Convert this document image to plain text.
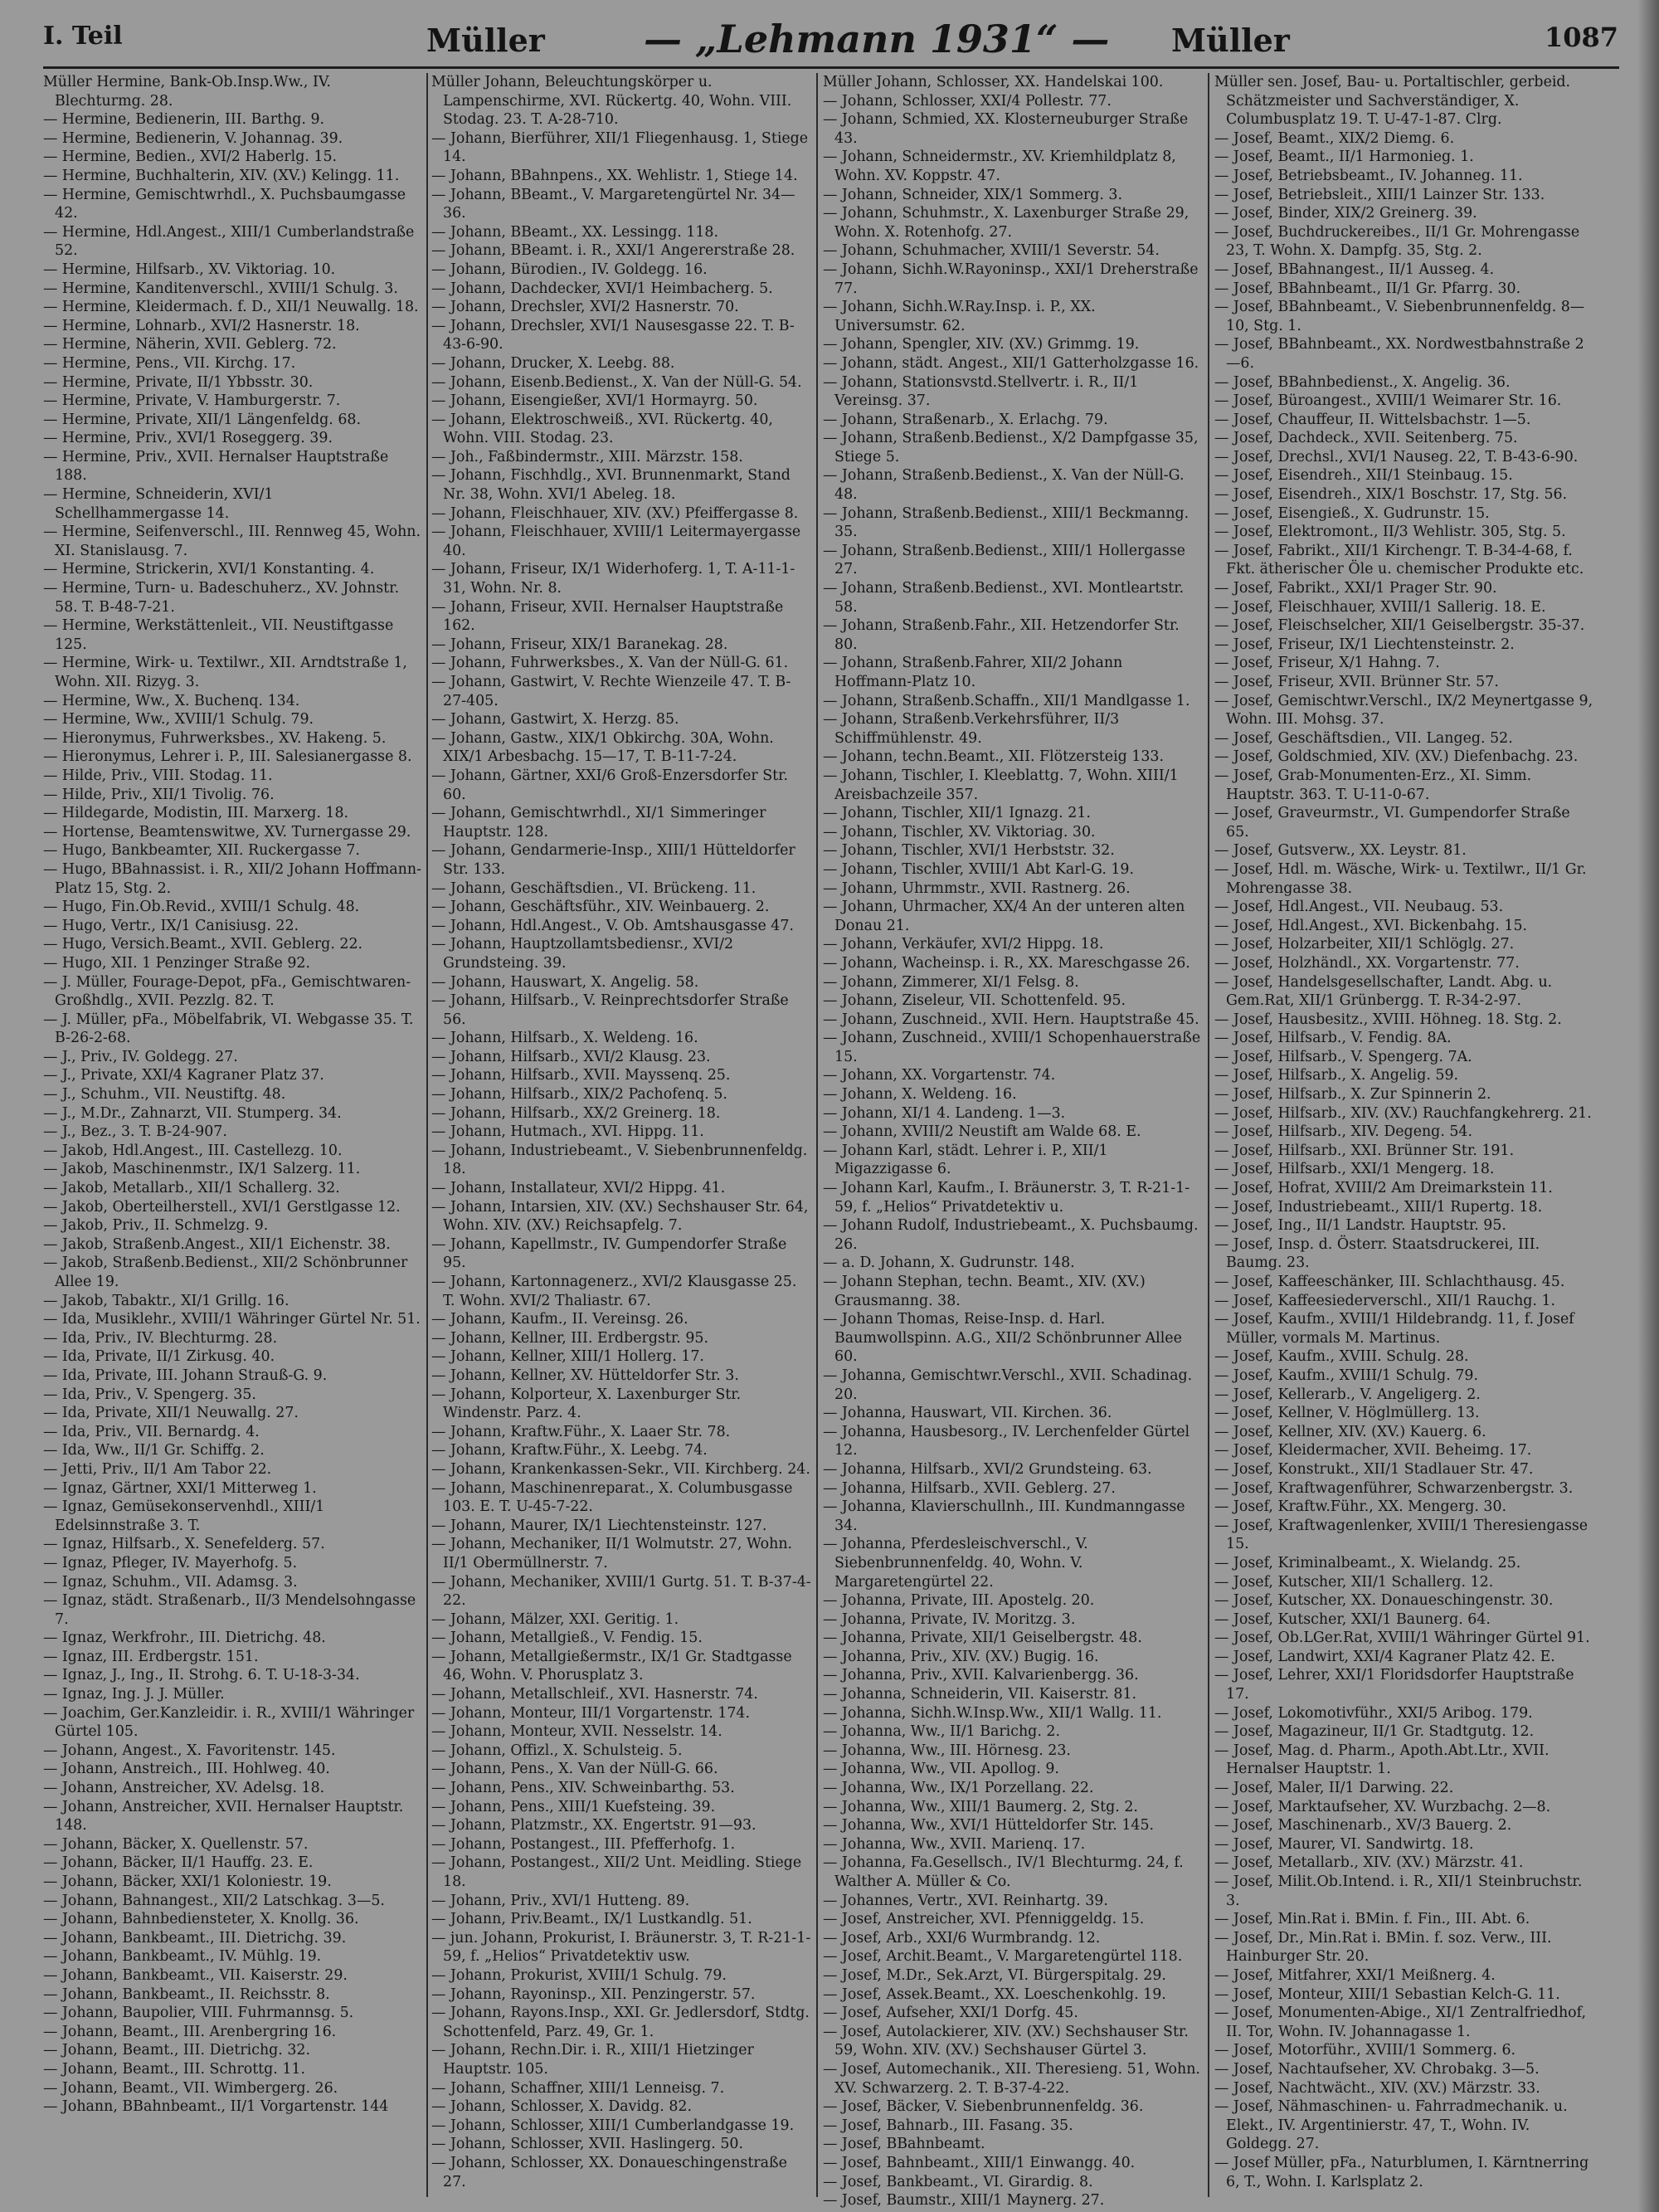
I. Teil	Müller	— „Lehmann 1931“ — Müller	1087

Müller Hermine, Bank-Ob.Insp.Ww., IV. Blechturmg. 28.

— Hermine, Bedienerin, III. Barthg. 9.

— Hermine, Bedienerin, V. Johannag. 39.

— Hermine, Bedien., XVI/2 Haberlg. 15.

— Hermine, Buchhalterin, XIV. (XV.) Kelingg. 11.

— Hermine, Gemischtwrhdl., X. Puchsbaumgasse 42.

— Hermine, Hdl.Angest., XIII/1 Cumberlandstraße 52.

— Hermine, Hilfsarb., XV. Viktoriag. 10.

— Hermine, Kanditenverschl., XVIII/1 Schulg. 3.

— Hermine, Kleidermach. f. D., XII/1 Neuwallg. 18.

— Hermine, Lohnarb., XVI/2 Hasnerstr. 18.

— Hermine, Näherin, XVII. Geblerg. 72.

— Hermine, Pens., VII. Kirchg. 17.

— Hermine, Private, II/1 Ybbsstr. 30.

— Hermine, Private, V. Hamburgerstr. 7.

— Hermine, Private, XII/1 Längenfeldg. 68.

— Hermine, Priv., XVI/1 Roseggerg. 39.

— Hermine, Priv., XVII. Hernalser Hauptstraße 188.

— Hermine, Schneiderin, XVI/1 Schellhammergasse 14.

— Hermine, Seifenverschl., III. Rennweg 45, Wohn. XI. Stanislausg. 7.

— Hermine, Strickerin, XVI/1 Konstanting. 4.

— Hermine, Turn- u. Badeschuherz., XV. Johnstr. 58. T. B-48-7-21.

— Hermine, Werkstättenleit., VII. Neustiftgasse 125.

— Hermine, Wirk- u. Textilwr., XII. Arndtstraße 1, Wohn. XII. Rizyg. 3.

— Hermine, Ww., X. Buchenq. 134.

— Hermine, Ww., XVIII/1 Schulg. 79.

— Hieronymus, Fuhrwerksbes., XV. Hakeng. 5.

— Hieronymus, Lehrer i. P., III. Salesianergasse 8.

— Hilde, Priv., VIII. Stodag. 11.

— Hilde, Priv., XII/1 Tivolig. 76.

— Hildegarde, Modistin, III. Marxerg. 18.

— Hortense, Beamtenswitwe, XV. Turnergasse 29.

— Hugo, Bankbeamter, XII. Ruckergasse 7.

— Hugo, BBahnassist. i. R., XII/2 Johann Hoffmann-Platz 15, Stg. 2.

— Hugo, Fin.Ob.Revid., XVIII/1 Schulg. 48.

— Hugo, Vertr., IX/1 Canisiusg. 22.

— Hugo, Versich.Beamt., XVII. Geblerg. 22.

— Hugo, XII. 1 Penzinger Straße 92.

— J. Müller, Fourage-Depot, pFa., Gemischtwaren-Großhdlg., XVII. Pezzlg. 82. T.

— J. Müller, pFa., Möbelfabrik, VI. Webgasse 35. T. B-26-2-68.

— J., Priv., IV. Goldegg. 27.

— J., Private, XXI/4 Kagraner Platz 37.

— J., Schuhm., VII. Neustiftg. 48.

— J., M.Dr., Zahnarzt, VII. Stumperg. 34.

— J., Bez., 3. T. B-24-907.

— Jakob, Hdl.Angest., III. Castellezg. 10.

— Jakob, Maschinenmstr., IX/1 Salzerg. 11.

— Jakob, Metallarb., XII/1 Schallerg. 32.

— Jakob, Oberteilherstell., XVI/1 Gerstlgasse 12.

— Jakob, Priv., II. Schmelzg. 9.

— Jakob, Straßenb.Angest., XII/1 Eichenstr. 38.

— Jakob, Straßenb.Bedienst., XII/2 Schönbrunner Allee 19.

— Jakob, Tabaktr., XI/1 Grillg. 16.

— Ida, Musiklehr., XVIII/1 Währinger Gürtel Nr. 51.

— Ida, Priv., IV. Blechturmg. 28.

— Ida, Private, II/1 Zirkusg. 40.

— Ida, Private, III. Johann Strauß-G. 9.

— Ida, Priv., V. Spengerg. 35.

— Ida, Private, XII/1 Neuwallg. 27.

— Ida, Priv., VII. Bernardg. 4.

— Ida, Ww., II/1 Gr. Schiffg. 2.

— Jetti, Priv., II/1 Am Tabor 22.

— Ignaz, Gärtner, XXI/1 Mitterweg 1.

— Ignaz, Gemüsekonservenhdl., XIII/1 Edelsinnstraße 3. T.

— Ignaz, Hilfsarb., X. Senefelderg. 57.

— Ignaz, Pfleger, IV. Mayerhofg. 5.

— Ignaz, Schuhm., VII. Adamsg. 3.

— Ignaz, städt. Straßenarb., II/3 Mendelsohngasse 7.

— Ignaz, Werkfrohr., III. Dietrichg. 48.

— Ignaz, III. Erdbergstr. 151.

— Ignaz, J., Ing., II. Strohg. 6. T. U-18-3-34.

— Ignaz, Ing. J. J. Müller.

— Joachim, Ger.Kanzleidir. i. R., XVIII/1 Währinger Gürtel 105.

— Johann, Angest., X. Favoritenstr. 145.

— Johann, Anstreich., III. Hohlweg. 40.

— Johann, Anstreicher, XV. Adelsg. 18.

— Johann, Anstreicher, XVII. Hernalser Hauptstr. 148.

— Johann, Bäcker, X. Quellenstr. 57.

— Johann, Bäcker, II/1 Hauffg. 23. E.

— Johann, Bäcker, XXI/1 Koloniestr. 19.

— Johann, Bahnangest., XII/2 Latschkag. 3—5.

— Johann, Bahnbediensteter, X. Knollg. 36.

— Johann, Bankbeamt., III. Dietrichg. 39.

— Johann, Bankbeamt., IV. Mühlg. 19.

— Johann, Bankbeamt., VII. Kaiserstr. 29.

— Johann, Bankbeamt., II. Reichsstr. 8.

— Johann, Baupolier, VIII. Fuhrmannsg. 5.

— Johann, Beamt., III. Arenbergring 16.

— Johann, Beamt., III. Dietrichg. 32.

— Johann, Beamt., III. Schrottg. 11.

— Johann, Beamt., VII. Wimbergerg. 26.

— Johann, BBahnbeamt., II/1 Vorgartenstr. 144

Müller Johann, Beleuchtungskörper u. Lampenschirme, XVI. Rückertg. 40, Wohn. VIII. Stodag. 23. T. A-28-710.

— Johann, Bierführer, XII/1 Fliegenhausg. 1, Stiege 14.

— Johann, BBahnpens., XX. Wehlistr. 1, Stiege 14.

— Johann, BBeamt., V. Margaretengürtel Nr. 34—36.

— Johann, BBeamt., XX. Lessingg. 118.

— Johann, BBeamt. i. R., XXI/1 Angererstraße 28.

— Johann, Bürodien., IV. Goldegg. 16.

— Johann, Dachdecker, XVI/1 Heimbacherg. 5.

— Johann, Drechsler, XVI/2 Hasnerstr. 70.

— Johann, Drechsler, XVI/1 Nausesgasse 22. T. B-43-6-90.

— Johann, Drucker, X. Leebg. 88.

— Johann, Eisenb.Bedienst., X. Van der Nüll-G. 54.

— Johann, Eisengießer, XVI/1 Hormayrg. 50.

— Johann, Elektroschweiß., XVI. Rückertg. 40, Wohn. VIII. Stodag. 23.

— Joh., Faßbindermstr., XIII. Märzstr. 158.

— Johann, Fischhdlg., XVI. Brunnenmarkt, Stand Nr. 38, Wohn. XVI/1 Abeleg. 18.

— Johann, Fleischhauer, XIV. (XV.) Pfeiffergasse 8.

— Johann, Fleischhauer, XVIII/1 Leitermayergasse 40.

— Johann, Friseur, IX/1 Widerhoferg. 1, T. A-11-1-31, Wohn. Nr. 8.

— Johann, Friseur, XVII. Hernalser Hauptstraße 162.

— Johann, Friseur, XIX/1 Baranekag. 28.

— Johann, Fuhrwerksbes., X. Van der Nüll-G. 61.

— Johann, Gastwirt, V. Rechte Wienzeile 47. T. B-27-405.

— Johann, Gastwirt, X. Herzg. 85.

— Johann, Gastw., XIX/1 Obkirchg. 30A, Wohn. XIX/1 Arbesbachg. 15—17, T. B-11-7-24.

— Johann, Gärtner, XXI/6 Groß-Enzersdorfer Str. 60.

— Johann, Gemischtwrhdl., XI/1 Simmeringer Hauptstr. 128.

— Johann, Gendarmerie-Insp., XIII/1 Hütteldorfer Str. 133.

— Johann, Geschäftsdien., VI. Brückeng. 11.

— Johann, Geschäftsführ., XIV. Weinbauerg. 2.

— Johann, Hdl.Angest., V. Ob. Amtshausgasse 47.

— Johann, Hauptzollamtsbediensr., XVI/2 Grundsteing. 39.

— Johann, Hauswart, X. Angelig. 58.

— Johann, Hilfsarb., V. Reinprechtsdorfer Straße 56.

— Johann, Hilfsarb., X. Weldeng. 16.

— Johann, Hilfsarb., XVI/2 Klausg. 23.

— Johann, Hilfsarb., XVII. Mayssenq. 25.

— Johann, Hilfsarb., XIX/2 Pachofenq. 5.

— Johann, Hilfsarb., XX/2 Greinerg. 18.

— Johann, Hutmach., XVI. Hippg. 11.

— Johann, Industriebeamt., V. Siebenbrunnenfeldg. 18.

— Johann, Installateur, XVI/2 Hippg. 41.

— Johann, Intarsien, XIV. (XV.) Sechshauser Str. 64, Wohn. XIV. (XV.) Reichsapfelg. 7.

— Johann, Kapellmstr., IV. Gumpendorfer Straße 95.

— Johann, Kartonnagenerz., XVI/2 Klausgasse 25. T. Wohn. XVI/2 Thaliastr. 67.

— Johann, Kaufm., II. Vereinsg. 26.

— Johann, Kellner, III. Erdbergstr. 95.

— Johann, Kellner, XIII/1 Hollerg. 17.

— Johann, Kellner, XV. Hütteldorfer Str. 3.

— Johann, Kolporteur, X. Laxenburger Str. Windenstr. Parz. 4.

— Johann, Kraftw.Führ., X. Laaer Str. 78.

— Johann, Kraftw.Führ., X. Leebg. 74.

— Johann, Krankenkassen-Sekr., VII. Kirchberg. 24.

— Johann, Maschinenreparat., X. Columbusgasse 103. E. T. U-45-7-22.

— Johann, Maurer, IX/1 Liechtensteinstr. 127.

— Johann, Mechaniker, II/1 Wolmutstr. 27, Wohn. II/1 Obermüllnerstr. 7.

— Johann, Mechaniker, XVIII/1 Gurtg. 51. T. B-37-4-22.

— Johann, Mälzer, XXI. Geritig. 1.

— Johann, Metallgieß., V. Fendig. 15.

— Johann, Metallgießermstr., IX/1 Gr. Stadtgasse 46, Wohn. V. Phorusplatz 3.

— Johann, Metallschleif., XVI. Hasnerstr. 74.

— Johann, Monteur, III/1 Vorgartenstr. 174.

— Johann, Monteur, XVII. Nesselstr. 14.

— Johann, Offizl., X. Schulsteig. 5.

— Johann, Pens., X. Van der Nüll-G. 66.

— Johann, Pens., XIV. Schweinbarthg. 53.

— Johann, Pens., XIII/1 Kuefsteing. 39.

— Johann, Platzmstr., XX. Engertstr. 91—93.

— Johann, Postangest., III. Pfefferhofg. 1.

— Johann, Postangest., XII/2 Unt. Meidling. Stiege 18.

— Johann, Priv., XVI/1 Hutteng. 89.

— Johann, Priv.Beamt., IX/1 Lustkandlg. 51.

— jun. Johann, Prokurist, I. Bräunerstr. 3, T. R-21-1-59, f. „Helios“ Privatdetektiv usw.

— Johann, Prokurist, XVIII/1 Schulg. 79.

— Johann, Rayoninsp., XII. Penzingerstr. 57.

— Johann, Rayons.Insp., XXI. Gr. Jedlersdorf, Stdtg. Schottenfeld, Parz. 49, Gr. 1.

— Johann, Rechn.Dir. i. R., XIII/1 Hietzinger Hauptstr. 105.

— Johann, Schaffner, XIII/1 Lenneisg. 7.

— Johann, Schlosser, X. Davidg. 82.

— Johann, Schlosser, XIII/1 Cumberlandgasse 19.

— Johann, Schlosser, XVII. Haslingerg. 50.

— Johann, Schlosser, XX. Donaueschingenstraße 27.

Müller Johann, Schlosser, XX. Handelskai 100.

— Johann, Schlosser, XXI/4 Pollestr. 77.

— Johann, Schmied, XX. Klosterneuburger Straße 43.

— Johann, Schneidermstr., XV. Kriemhildplatz 8, Wohn. XV. Koppstr. 47.

— Johann, Schneider, XIX/1 Sommerg. 3.

— Johann, Schuhmstr., X. Laxenburger Straße 29, Wohn. X. Rotenhofg. 27.

— Johann, Schuhmacher, XVIII/1 Severstr. 54.

— Johann, Sichh.W.Rayoninsp., XXI/1 Dreherstraße 77.

— Johann, Sichh.W.Ray.Insp. i. P., XX. Universumstr. 62.

— Johann, Spengler, XIV. (XV.) Grimmg. 19.

— Johann, städt. Angest., XII/1 Gatterholzgasse 16.

— Johann, Stationsvstd.Stellvertr. i. R., II/1 Vereinsg. 37.

— Johann, Straßenarb., X. Erlachg. 79.

— Johann, Straßenb.Bedienst., X/2 Dampfgasse 35, Stiege 5.

— Johann, Straßenb.Bedienst., X. Van der Nüll-G. 48.

— Johann, Straßenb.Bedienst., XIII/1 Beckmanng. 35.

— Johann, Straßenb.Bedienst., XIII/1 Hollergasse 27.

— Johann, Straßenb.Bedienst., XVI. Montleartstr. 58.

— Johann, Straßenb.Fahr., XII. Hetzendorfer Str. 80.

— Johann, Straßenb.Fahrer, XII/2 Johann Hoffmann-Platz 10.

— Johann, Straßenb.Schaffn., XII/1 Mandlgasse 1.

— Johann, Straßenb.Verkehrsführer, II/3 Schiffmühlenstr. 49.

— Johann, techn.Beamt., XII. Flötzersteig 133.

— Johann, Tischler, I. Kleeblattg. 7, Wohn. XIII/1 Areisbachzeile 357.

— Johann, Tischler, XII/1 Ignazg. 21.

— Johann, Tischler, XV. Viktoriag. 30.

— Johann, Tischler, XVI/1 Herbststr. 32.

— Johann, Tischler, XVIII/1 Abt Karl-G. 19.

— Johann, Uhrmmstr., XVII. Rastnerg. 26.

— Johann, Uhrmacher, XX/4 An der unteren alten Donau 21.

— Johann, Verkäufer, XVI/2 Hippg. 18.

— Johann, Wacheinsp. i. R., XX. Mareschgasse 26.

— Johann, Zimmerer, XI/1 Felsg. 8.

— Johann, Ziseleur, VII. Schottenfeld. 95.

— Johann, Zuschneid., XVII. Hern. Hauptstraße 45.

— Johann, Zuschneid., XVIII/1 Schopenhauerstraße 15.

— Johann, XX. Vorgartenstr. 74.

— Johann, X. Weldeng. 16.

— Johann, XI/1 4. Landeng. 1—3.

— Johann, XVIII/2 Neustift am Walde 68. E.

— Johann Karl, städt. Lehrer i. P., XII/1 Migazzigasse 6.

— Johann Karl, Kaufm., I. Bräunerstr. 3, T. R-21-1-59, f. „Helios“ Privatdetektiv u.

— Johann Rudolf, Industriebeamt., X. Puchsbaumg. 26.

— a. D. Johann, X. Gudrunstr. 148.

— Johann Stephan, techn. Beamt., XIV. (XV.) Grausmanng. 38.

— Johann Thomas, Reise-Insp. d. Harl. Baumwollspinn. A.G., XII/2 Schönbrunner Allee 60.

— Johanna, Gemischtwr.Verschl., XVII. Schadinag. 20.

— Johanna, Hauswart, VII. Kirchen. 36.

— Johanna, Hausbesorg., IV. Lerchenfelder Gürtel 12.

— Johanna, Hilfsarb., XVI/2 Grundsteing. 63.

— Johanna, Hilfsarb., XVII. Geblerg. 27.

— Johanna, Klavierschullnh., III. Kundmanngasse 34.

— Johanna, Pferdesleischverschl., V. Siebenbrunnenfeldg. 40, Wohn. V. Margaretengürtel 22.

— Johanna, Private, III. Apostelg. 20.

— Johanna, Private, IV. Moritzg. 3.

— Johanna, Private, XII/1 Geiselbergstr. 48.

— Johanna, Priv., XIV. (XV.) Bugig. 16.

— Johanna, Priv., XVII. Kalvarienbergg. 36.

— Johanna, Schneiderin, VII. Kaiserstr. 81.

— Johanna, Sichh.W.Insp.Ww., XII/1 Wallg. 11.

— Johanna, Ww., II/1 Barichg. 2.

— Johanna, Ww., III. Hörnesg. 23.

— Johanna, Ww., VII. Apollog. 9.

— Johanna, Ww., IX/1 Porzellang. 22.

— Johanna, Ww., XIII/1 Baumerg. 2, Stg. 2.

— Johanna, Ww., XVI/1 Hütteldorfer Str. 145.

— Johanna, Ww., XVII. Marienq. 17.

— Johanna, Fa.Gesellsch., IV/1 Blechturmg. 24, f. Walther A. Müller & Co.

— Johannes, Vertr., XVI. Reinhartg. 39.

— Josef, Anstreicher, XVI. Pfenniggeldg. 15.

— Josef, Arb., XXI/6 Wurmbrandg. 12.

— Josef, Archit.Beamt., V. Margaretengürtel 118.

— Josef, M.Dr., Sek.Arzt, VI. Bürgerspitalg. 29.

— Josef, Assek.Beamt., XX. Loeschenkohlg. 19.

— Josef, Aufseher, XXI/1 Dorfg. 45.

— Josef, Autolackierer, XIV. (XV.) Sechshauser Str. 59, Wohn. XIV. (XV.) Sechshauser Gürtel 3.

— Josef, Automechanik., XII. Theresieng. 51, Wohn. XV. Schwarzerg. 2. T. B-37-4-22.

— Josef, Bäcker, V. Siebenbrunnenfeldg. 36.

— Josef, Bahnarb., III. Fasang. 35.

— Josef, BBahnbeamt.

— Josef, Bahnbeamt., XIII/1 Einwangg. 40.

— Josef, Bankbeamt., VI. Girardig. 8.

— Josef, Baumstr., XIII/1 Maynerg. 27.

Müller sen. Josef, Bau- u. Portaltischler, gerbeid. Schätzmeister und Sachverständiger, X. Columbusplatz 19. T. U-47-1-87. Clrg.

— Josef, Beamt., XIX/2 Diemg. 6.

— Josef, Beamt., II/1 Harmonieg. 1.

— Josef, Betriebsbeamt., IV. Johanneg. 11.

— Josef, Betriebsleit., XIII/1 Lainzer Str. 133.

— Josef, Binder, XIX/2 Greinerg. 39.

— Josef, Buchdruckereibes., II/1 Gr. Mohrengasse 23, T. Wohn. X. Dampfg. 35, Stg. 2.

— Josef, BBahnangest., II/1 Ausseg. 4.

— Josef, BBahnbeamt., II/1 Gr. Pfarrg. 30.

— Josef, BBahnbeamt., V. Siebenbrunnenfeldg. 8—10, Stg. 1.

— Josef, BBahnbeamt., XX. Nordwestbahnstraße 2—6.

— Josef, BBahnbedienst., X. Angelig. 36.

— Josef, Büroangest., XVIII/1 Weimarer Str. 16.

— Josef, Chauffeur, II. Wittelsbachstr. 1—5.

— Josef, Dachdeck., XVII. Seitenberg. 75.

— Josef, Drechsl., XVI/1 Nauseg. 22, T. B-43-6-90.

— Josef, Eisendreh., XII/1 Steinbaug. 15.

— Josef, Eisendreh., XIX/1 Boschstr. 17, Stg. 56.

— Josef, Eisengieß., X. Gudrunstr. 15.

— Josef, Elektromont., II/3 Wehlistr. 305, Stg. 5.

— Josef, Fabrikt., XII/1 Kirchengr. T. B-34-4-68, f. Fkt. ätherischer Öle u. chemischer Produkte etc.

— Josef, Fabrikt., XXI/1 Prager Str. 90.

— Josef, Fleischhauer, XVIII/1 Sallerig. 18. E.

— Josef, Fleischselcher, XII/1 Geiselbergstr. 35-37.

— Josef, Friseur, IX/1 Liechtensteinstr. 2.

— Josef, Friseur, X/1 Hahng. 7.

— Josef, Friseur, XVII. Brünner Str. 57.

— Josef, Gemischtwr.Verschl., IX/2 Meynertgasse 9, Wohn. III. Mohsg. 37.

— Josef, Geschäftsdien., VII. Langeg. 52.

— Josef, Goldschmied, XIV. (XV.) Diefenbachg. 23.

— Josef, Grab-Monumenten-Erz., XI. Simm. Hauptstr. 363. T. U-11-0-67.

— Josef, Graveurmstr., VI. Gumpendorfer Straße 65.

— Josef, Gutsverw., XX. Leystr. 81.

— Josef, Hdl. m. Wäsche, Wirk- u. Textilwr., II/1 Gr. Mohrengasse 38.

— Josef, Hdl.Angest., VII. Neubaug. 53.

— Josef, Hdl.Angest., XVI. Bickenbahg. 15.

— Josef, Holzarbeiter, XII/1 Schlöglg. 27.

— Josef, Holzhändl., XX. Vorgartenstr. 77.

— Josef, Handelsgesellschafter, Landt. Abg. u. Gem.Rat, XII/1 Grünbergg. T. R-34-2-97.

— Josef, Hausbesitz., XVIII. Höhneg. 18. Stg. 2.

— Josef, Hilfsarb., V. Fendig. 8A.

— Josef, Hilfsarb., V. Spengerg. 7A.

— Josef, Hilfsarb., X. Angelig. 59.

— Josef, Hilfsarb., X. Zur Spinnerin 2.

— Josef, Hilfsarb., XIV. (XV.) Rauchfangkehrerg. 21.

— Josef, Hilfsarb., XIV. Degeng. 54.

— Josef, Hilfsarb., XXI. Brünner Str. 191.

— Josef, Hilfsarb., XXI/1 Mengerg. 18.

— Josef, Hofrat, XVIII/2 Am Dreimarkstein 11.

— Josef, Industriebeamt., XIII/1 Rupertg. 18.

— Josef, Ing., II/1 Landstr. Hauptstr. 95.

— Josef, Insp. d. Österr. Staatsdruckerei, III. Baumg. 23.

— Josef, Kaffeeschänker, III. Schlachthausg. 45.

— Josef, Kaffeesiederverschl., XII/1 Rauchg. 1.

— Josef, Kaufm., XVIII/1 Hildebrandg. 11, f. Josef Müller, vormals M. Martinus.

— Josef, Kaufm., XVIII. Schulg. 28.

— Josef, Kaufm., XVIII/1 Schulg. 79.

— Josef, Kellerarb., V. Angeligerg. 2.

— Josef, Kellner, V. Höglmüllerg. 13.

— Josef, Kellner, XIV. (XV.) Kauerg. 6.

— Josef, Kleidermacher, XVII. Beheimg. 17.

— Josef, Konstrukt., XII/1 Stadlauer Str. 47.

— Josef, Kraftwagenführer, Schwarzenbergstr. 3.

— Josef, Kraftw.Führ., XX. Mengerg. 30.

— Josef, Kraftwagenlenker, XVIII/1 Theresiengasse 15.

— Josef, Kriminalbeamt., X. Wielandg. 25.

— Josef, Kutscher, XII/1 Schallerg. 12.

— Josef, Kutscher, XX. Donaueschingenstr. 30.

— Josef, Kutscher, XXI/1 Baunerg. 64.

— Josef, Ob.LGer.Rat, XVIII/1 Währinger Gürtel 91.

— Josef, Landwirt, XXI/4 Kagraner Platz 42. E.

— Josef, Lehrer, XXI/1 Floridsdorfer Hauptstraße 17.

— Josef, Lokomotivführ., XXI/5 Aribog. 179.

— Josef, Magazineur, II/1 Gr. Stadtgutg. 12.

— Josef, Mag. d. Pharm., Apoth.Abt.Ltr., XVII. Hernalser Hauptstr. 1.

— Josef, Maler, II/1 Darwing. 22.

— Josef, Marktaufseher, XV. Wurzbachg. 2—8.

— Josef, Maschinenarb., XV/3 Bauerg. 2.

— Josef, Maurer, VI. Sandwirtg. 18.

— Josef, Metallarb., XIV. (XV.) Märzstr. 41.

— Josef, Milit.Ob.Intend. i. R., XII/1 Steinbruchstr. 3.

— Josef, Min.Rat i. BMin. f. Fin., III. Abt. 6.

— Josef, Dr., Min.Rat i. BMin. f. soz. Verw., III. Hainburger Str. 20.

— Josef, Mitfahrer, XXI/1 Meißnerg. 4.

— Josef, Monteur, XIII/1 Sebastian Kelch-G. 11.

— Josef, Monumenten-Abige., XI/1 Zentralfriedhof, II. Tor, Wohn. IV. Johannagasse 1.

— Josef, Motorführ., XVIII/1 Sommerg. 6.

— Josef, Nachtaufseher, XV. Chrobakg. 3—5.

— Josef, Nachtwächt., XIV. (XV.) Märzstr. 33.

— Josef, Nähmaschinen- u. Fahrradmechanik. u. Elekt., IV. Argentinierstr. 47, T., Wohn. IV. Goldegg. 27.

— Josef Müller, pFa., Naturblumen, I. Kärntnerring 6, T., Wohn. I. Karlsplatz 2.
